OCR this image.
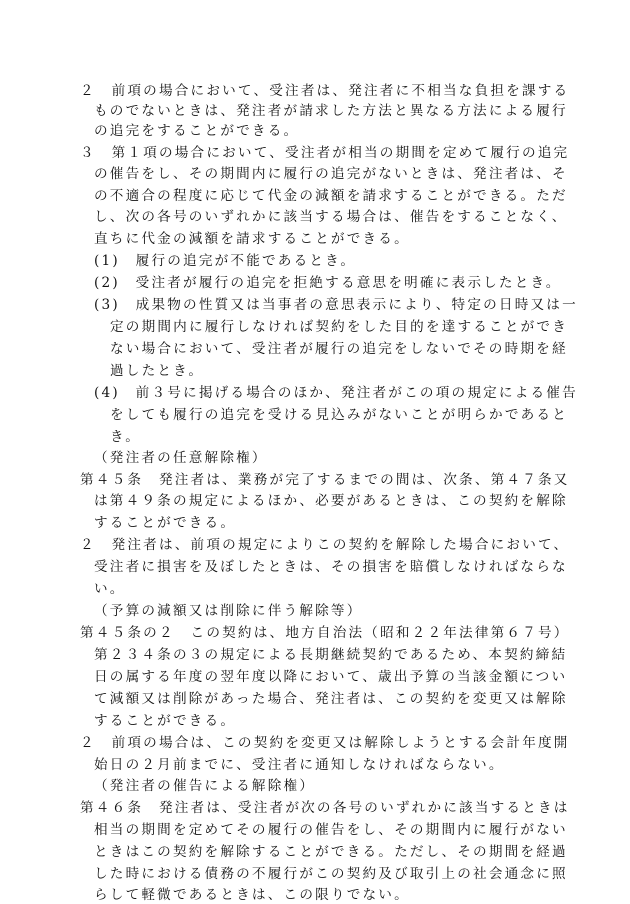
２　前項の場合において、受注者は、発注者に不相当な負担を課する
ものでないときは、発注者が請求した方法と異なる方法による履行
の追完をすることができる。
３　第１項の場合において、受注者が相当の期間を定めて履行の追完
の催告をし、その期間内に履行の追完がないときは、発注者は、そ
の不適合の程度に応じて代金の減額を請求することができる。ただ
し、次の各号のいずれかに該当する場合は、催告をすることなく、
直ちに代金の減額を請求することができる。
(1)　履行の追完が不能であるとき。
(2)　受注者が履行の追完を拒絶する意思を明確に表示したとき。
(3)　成果物の性質又は当事者の意思表示により、特定の日時又は一
定の期間内に履行しなければ契約をした目的を達することができ
ない場合において、受注者が履行の追完をしないでその時期を経
過したとき。
(4)　前３号に掲げる場合のほか、発注者がこの項の規定による催告
をしても履行の追完を受ける見込みがないことが明らかであると
き。
（発注者の任意解除権）
第４５条　発注者は、業務が完了するまでの間は、次条、第４７条又
は第４９条の規定によるほか、必要があるときは、この契約を解除
することができる。
２　発注者は、前項の規定によりこの契約を解除した場合において、
受注者に損害を及ぼしたときは、その損害を賠償しなければならな
い。
（予算の減額又は削除に伴う解除等）
第４５条の２　この契約は、地方自治法（昭和２２年法律第６７号）
第２３４条の３の規定による長期継続契約であるため、本契約締結
日の属する年度の翌年度以降において、歳出予算の当該金額につい
て減額又は削除があった場合、発注者は、この契約を変更又は解除
することができる。
２　前項の場合は、この契約を変更又は解除しようとする会計年度開
始日の２月前までに、受注者に通知しなければならない。
（発注者の催告による解除権）
第４６条　発注者は、受注者が次の各号のいずれかに該当するときは
相当の期間を定めてその履行の催告をし、その期間内に履行がない
ときはこの契約を解除することができる。ただし、その期間を経過
した時における債務の不履行がこの契約及び取引上の社会通念に照
らして軽微であるときは、この限りでない。
